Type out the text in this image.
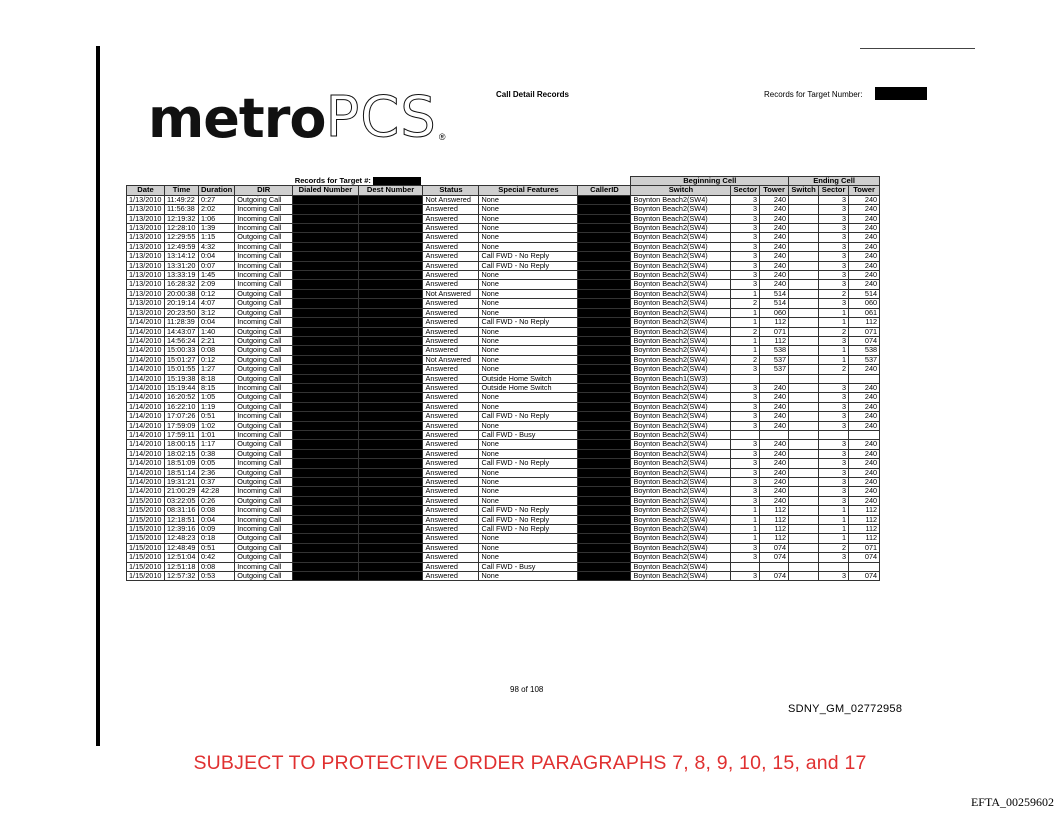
metro PCS ®
Call Detail Records	Records for Target Number:
				Records for Target #:					Beginning Cell			Ending Cell		
Date	Time	Duration	DIR	Dialed Number	Dest Number	Status	Special Features	CallerID	Switch	Sector	Tower	Switch	Sector	Tower
1/13/2010	11:49:22	0:27	Outgoing Call			Not Answered	None		Boynton Beach2(SW4)	3	240		3	240
1/13/2010	11:56:38	2:02	Incoming Call			Answered	None		Boynton Beach2(SW4)	3	240		3	240
1/13/2010	12:19:32	1:06	Incoming Call			Answered	None		Boynton Beach2(SW4)	3	240		3	240
1/13/2010	12:28:10	1:39	Incoming Call			Answered	None		Boynton Beach2(SW4)	3	240		3	240
1/13/2010	12:29:55	1:15	Outgoing Call			Answered	None		Boynton Beach2(SW4)	3	240		3	240
1/13/2010	12:49:59	4:32	Incoming Call			Answered	None		Boynton Beach2(SW4)	3	240		3	240
1/13/2010	13:14:12	0:04	Incoming Call			Answered	Call FWD - No Reply		Boynton Beach2(SW4)	3	240		3	240
1/13/2010	13:31:20	0:07	Incoming Call			Answered	Call FWD - No Reply		Boynton Beach2(SW4)	3	240		3	240
1/13/2010	13:33:19	1:45	Incoming Call			Answered	None		Boynton Beach2(SW4)	3	240		3	240
1/13/2010	16:28:32	2:09	Incoming Call			Answered	None		Boynton Beach2(SW4)	3	240		3	240
1/13/2010	20:00:38	0:12	Outgoing Call			Not Answered	None		Boynton Beach2(SW4)	1	514		2	514
1/13/2010	20:19:14	4:07	Outgoing Call			Answered	None		Boynton Beach2(SW4)	2	514		3	060
1/13/2010	20:23:50	3:12	Outgoing Call			Answered	None		Boynton Beach2(SW4)	1	060		1	061
1/14/2010	11:28:39	0:04	Incoming Call			Answered	Call FWD - No Reply		Boynton Beach2(SW4)	1	112		1	112
1/14/2010	14:43:07	1:40	Outgoing Call			Answered	None		Boynton Beach2(SW4)	2	071		2	071
1/14/2010	14:56:24	2:21	Outgoing Call			Answered	None		Boynton Beach2(SW4)	1	112		3	074
1/14/2010	15:00:33	0:08	Outgoing Call			Answered	None		Boynton Beach2(SW4)	1	538		1	538
1/14/2010	15:01:27	0:12	Outgoing Call			Not Answered	None		Boynton Beach2(SW4)	2	537		1	537
1/14/2010	15:01:55	1:27	Outgoing Call			Answered	None		Boynton Beach2(SW4)	3	537		2	240
1/14/2010	15:19:38	8:18	Outgoing Call			Answered	Outside Home Switch		Boynton Beach1(SW3)					
1/14/2010	15:19:44	8:15	Incoming Call			Answered	Outside Home Switch		Boynton Beach2(SW4)	3	240		3	240
1/14/2010	16:20:52	1:05	Outgoing Call			Answered	None		Boynton Beach2(SW4)	3	240		3	240
1/14/2010	16:22:10	1:19	Outgoing Call			Answered	None		Boynton Beach2(SW4)	3	240		3	240
1/14/2010	17:07:26	0:51	Incoming Call			Answered	Call FWD - No Reply		Boynton Beach2(SW4)	3	240		3	240
1/14/2010	17:59:09	1:02	Outgoing Call			Answered	None		Boynton Beach2(SW4)	3	240		3	240
1/14/2010	17:59:11	1:01	Incoming Call			Answered	Call FWD - Busy		Boynton Beach2(SW4)					
1/14/2010	18:00:15	1:17	Outgoing Call			Answered	None		Boynton Beach2(SW4)	3	240		3	240
1/14/2010	18:02:15	0:38	Outgoing Call			Answered	None		Boynton Beach2(SW4)	3	240		3	240
1/14/2010	18:51:09	0:05	Incoming Call			Answered	Call FWD - No Reply		Boynton Beach2(SW4)	3	240		3	240
1/14/2010	18:51:14	2:36	Outgoing Call			Answered	None		Boynton Beach2(SW4)	3	240		3	240
1/14/2010	19:31:21	0:37	Outgoing Call			Answered	None		Boynton Beach2(SW4)	3	240		3	240
1/14/2010	21:00:29	42:28	Incoming Call			Answered	None		Boynton Beach2(SW4)	3	240		3	240
1/15/2010	03:22:05	0:26	Outgoing Call			Answered	None		Boynton Beach2(SW4)	3	240		3	240
1/15/2010	08:31:16	0:08	Incoming Call			Answered	Call FWD - No Reply		Boynton Beach2(SW4)	1	112		1	112
1/15/2010	12:18:51	0:04	Incoming Call			Answered	Call FWD - No Reply		Boynton Beach2(SW4)	1	112		1	112
1/15/2010	12:39:16	0:09	Incoming Call			Answered	Call FWD - No Reply		Boynton Beach2(SW4)	1	112		1	112
1/15/2010	12:48:23	0:18	Outgoing Call			Answered	None		Boynton Beach2(SW4)	1	112		1	112
1/15/2010	12:48:49	0:51	Outgoing Call			Answered	None		Boynton Beach2(SW4)	3	074		2	071
1/15/2010	12:51:04	0:42	Outgoing Call			Answered	None		Boynton Beach2(SW4)	3	074		3	074
1/15/2010	12:51:18	0:08	Incoming Call			Answered	Call FWD - Busy		Boynton Beach2(SW4)					
1/15/2010	12:57:32	0:53	Outgoing Call			Answered	None		Boynton Beach2(SW4)	3	074		3	074
98 of 108
SDNY_GM_02772958
SUBJECT TO PROTECTIVE ORDER PARAGRAPHS 7, 8, 9, 10, 15, and 17
EFTA_00259602
